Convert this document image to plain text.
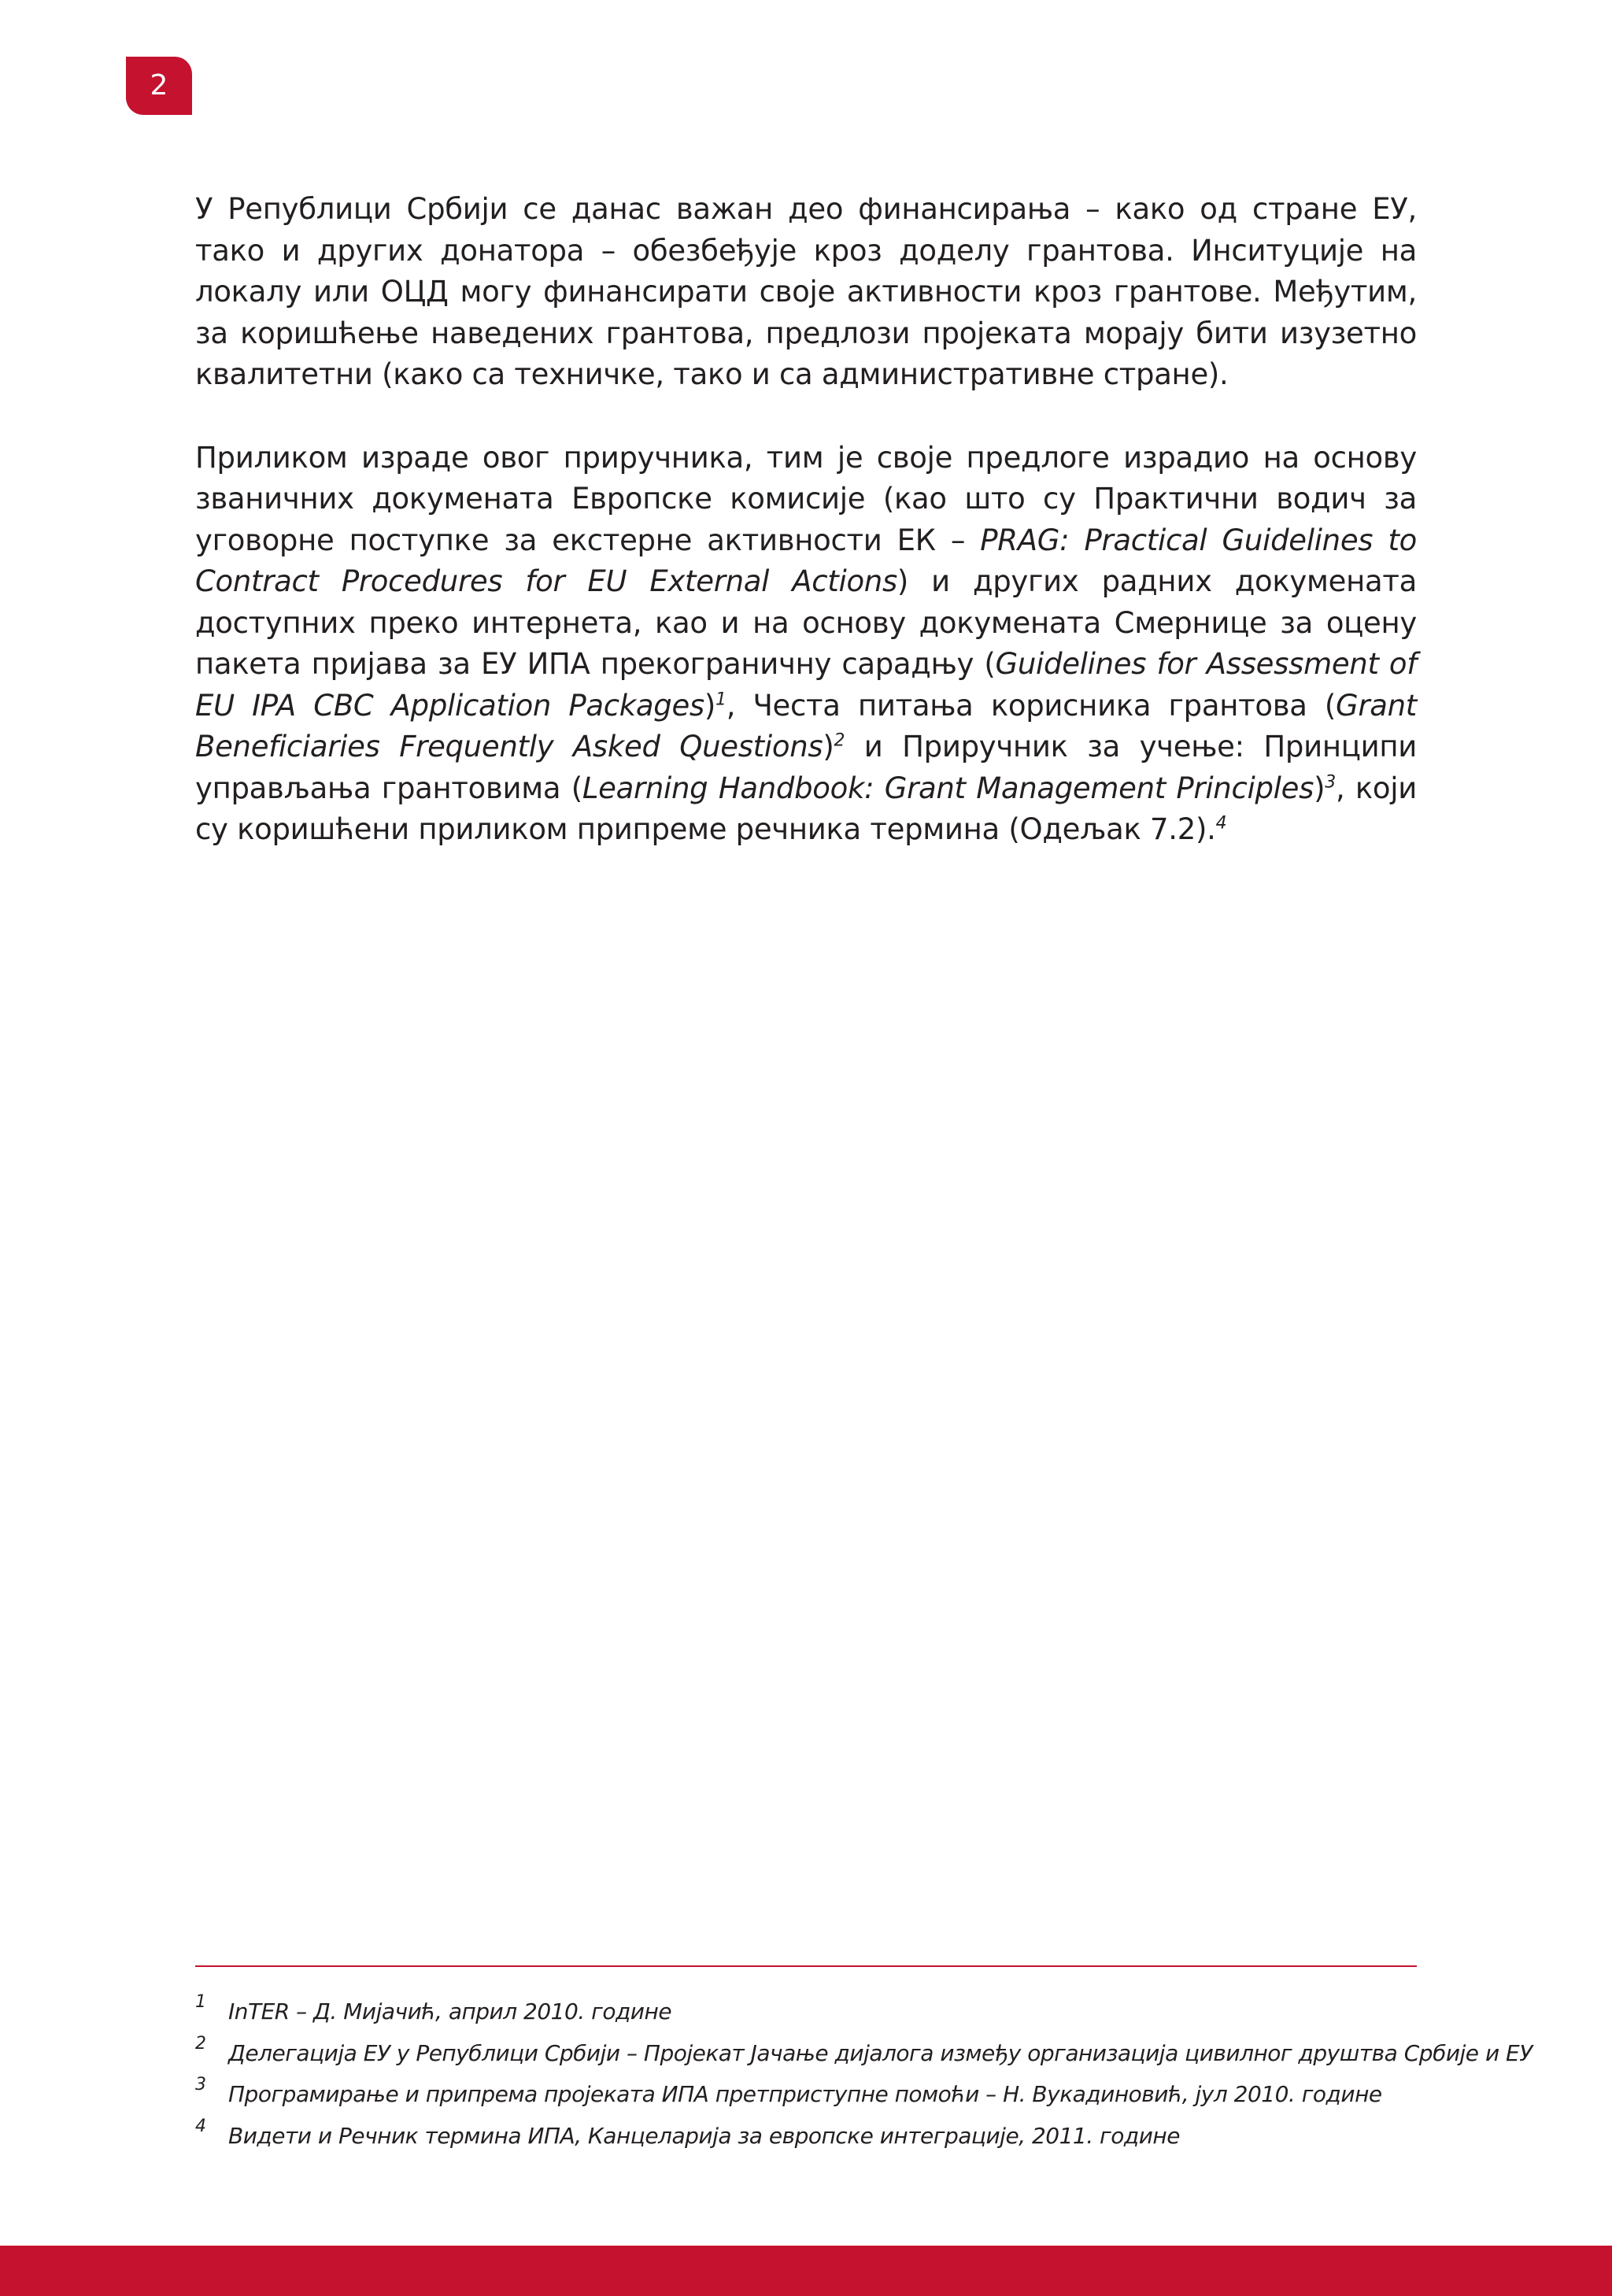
2

У Републици Србији се данас важан део финансирања – како од стране ЕУ, тако и других донатора – обезбеђује кроз доделу грантова. Инситуције на локалу или ОЦД могу финансирати своје активности кроз грантове. Међутим, за коришћење наведених грантова, предлози пројеката морају бити изузетно квалитетни (како са техничке, тако и са административне стране).

Приликом израде овог приручника, тим је своје предлоге израдио на основу званичних докумената Европске комисије (као што су Практични водич за уговорне поступке за екстерне активности ЕК – PRAG: Practical Guidelines to Contract Procedures for EU External Actions) и других радних докумената доступних преко интернета, као и на основу докумената Смернице за оцену пакета пријава за ЕУ ИПА прекограничну сарадњу (Guidelines for Assessment of EU IPA CBC Application Packages)$^1$, Честа питања корисника грантова (Grant Beneficiaries Frequently Asked Questions)$^2$ и Приручник за учење: Принципи управљања грантовима (Learning Handbook: Grant Management Principles)$^3$, који су коришћени приликом припреме речника термина (Одељак 7.2).$^4$

1 InTER – Д. Мијачић, април 2010. године
2 Делегација ЕУ у Републици Србији – Пројекат Јачање дијалога између организација цивилног друштва Србије и ЕУ
3 Програмирање и припрема пројеката ИПА претприступне помоћи – Н. Вукадиновић, јул 2010. године
4 Видети и Речник термина ИПА, Канцеларија за европске интеграције, 2011. године
